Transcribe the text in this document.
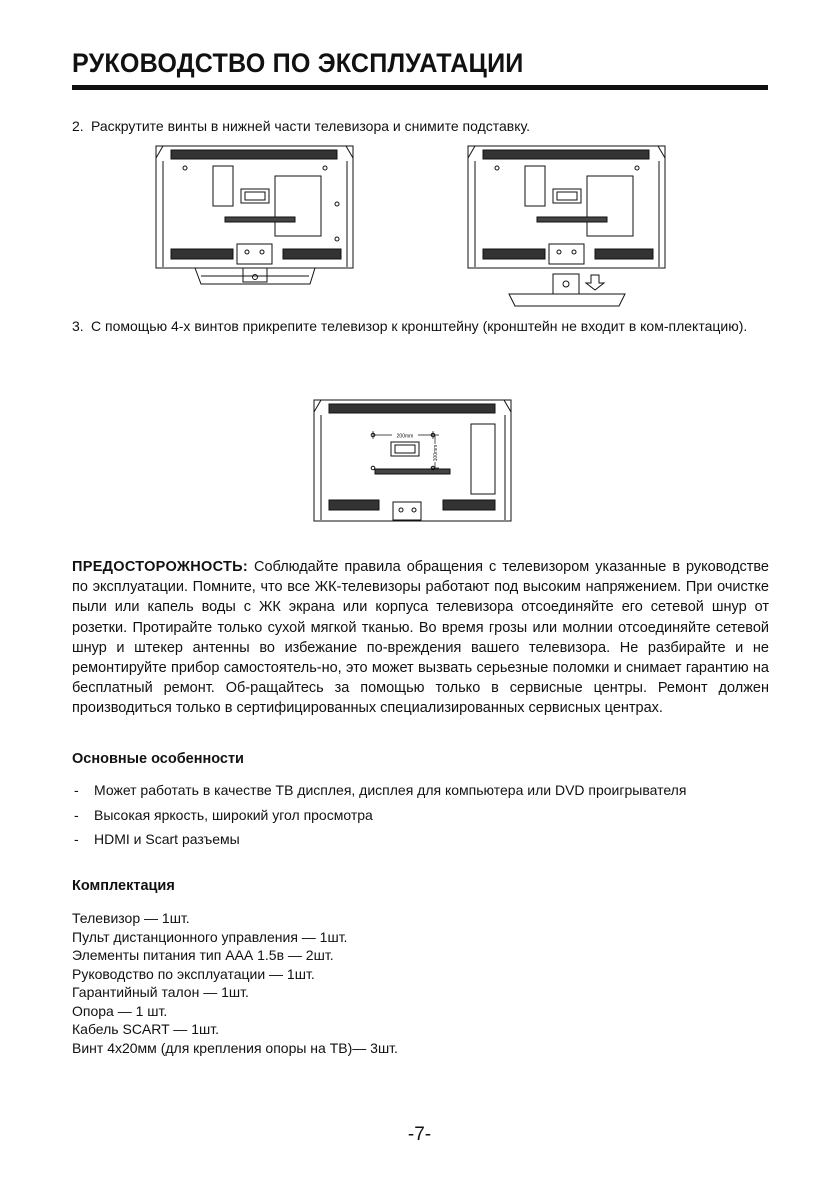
РУКОВОДСТВО ПО ЭКСПЛУАТАЦИИ
2. Раскрутите винты в нижней части телевизора и снимите подставку.
3. С помощью 4-х винтов прикрепите телевизор к кронштейну (кронштейн не входит в ком-плектацию).
200mm
100mm
ПРЕДОСТОРОЖНОСТЬ: Соблюдайте правила обращения с телевизором указанные в руководстве по эксплуатации. Помните, что все ЖК-телевизоры работают под высоким напряжением. При очистке пыли или капель воды с ЖК экрана или корпуса телевизора отсоединяйте его сетевой шнур от розетки. Протирайте только сухой мягкой тканью. Во время грозы или молнии отсоединяйте сетевой шнур и штекер антенны во избежание по-вреждения вашего телевизора. Не разбирайте и не ремонтируйте прибор самостоятель-но, это может вызвать серьезные поломки и снимает гарантию на бесплатный ремонт. Об-ращайтесь за помощью только в сервисные центры. Ремонт должен производиться только в сертифицированных специализированных сервисных центрах.
Основные особенности
- Может работать в качестве ТВ дисплея, дисплея для компьютера или DVD проигрывателя
- Высокая яркость, широкий угол просмотра
- HDMI и Scart разъемы
Комплектация
Телевизор — 1шт.
Пульт дистанционного управления — 1шт.
Элементы питания тип ААА 1.5в — 2шт.
Руководство по эксплуатации — 1шт.
Гарантийный талон — 1шт.
Опора — 1 шт.
Кабель SCART — 1шт.
Винт 4х20мм (для крепления опоры на ТВ)— 3шт.
-7-
